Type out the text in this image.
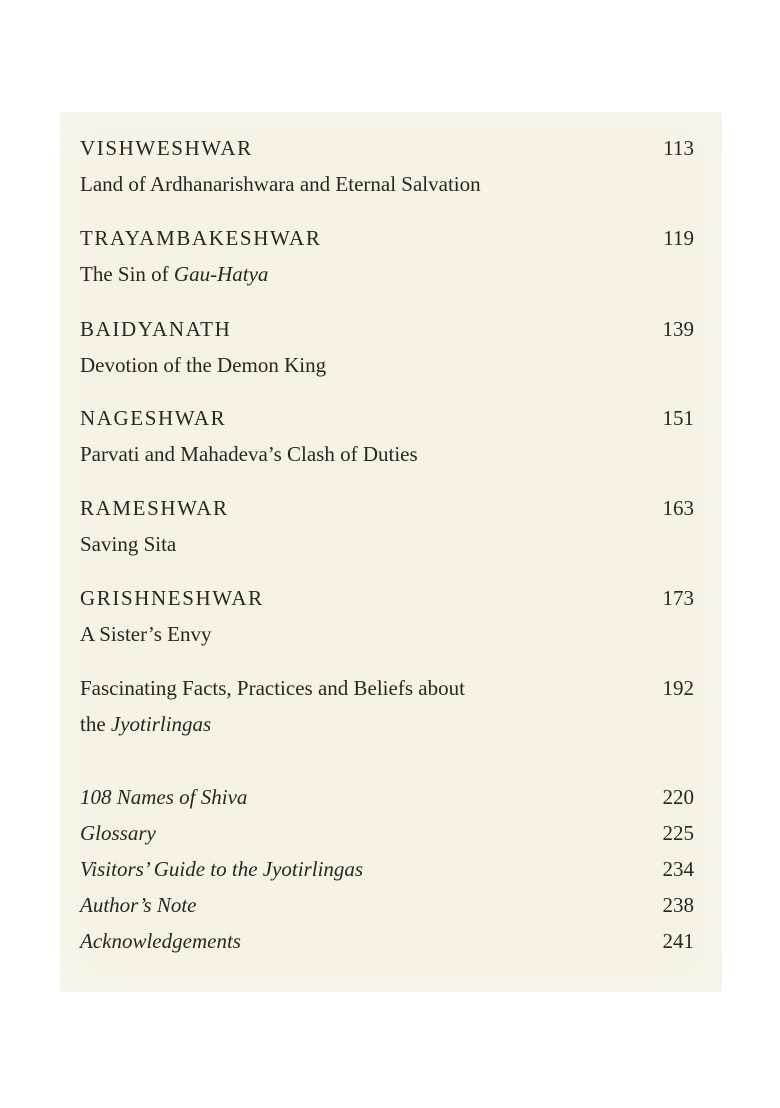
VISHWESHWAR	113
Land of Ardhanarishwara and Eternal Salvation
TRAYAMBAKESHWAR	119
The Sin of Gau-Hatya
BAIDYANATH	139
Devotion of the Demon King
NAGESHWAR	151
Parvati and Mahadeva’s Clash of Duties
RAMESHWAR	163
Saving Sita
GRISHNESHWAR	173
A Sister’s Envy
Fascinating Facts, Practices and Beliefs about	192
the Jyotirlingas
108 Names of Shiva	220
Glossary	225
Visitors’ Guide to the Jyotirlingas	234
Author’s Note	238
Acknowledgements	241
